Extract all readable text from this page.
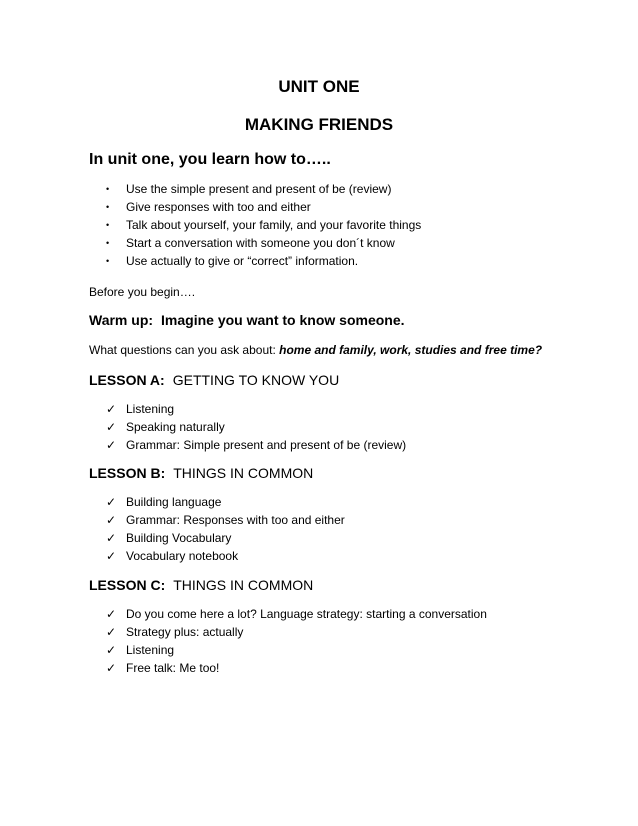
UNIT ONE
MAKING FRIENDS
In unit one, you learn how to…..
•	Use the simple present and present of be (review)
•	Give responses with too and either
•	Talk about yourself, your family, and your favorite things
•	Start a conversation with someone you don´t know
•	Use actually to give or “correct” information.
Before you begin….
Warm up: Imagine you want to know someone.
What questions can you ask about: home and family, work, studies and free time?
LESSON A: GETTING TO KNOW YOU
✓ Listening
✓ Speaking naturally
✓ Grammar: Simple present and present of be (review)
LESSON B: THINGS IN COMMON
✓ Building language
✓ Grammar: Responses with too and either
✓ Building Vocabulary
✓ Vocabulary notebook
LESSON C: THINGS IN COMMON
✓ Do you come here a lot? Language strategy: starting a conversation
✓ Strategy plus: actually
✓ Listening
✓ Free talk: Me too!
